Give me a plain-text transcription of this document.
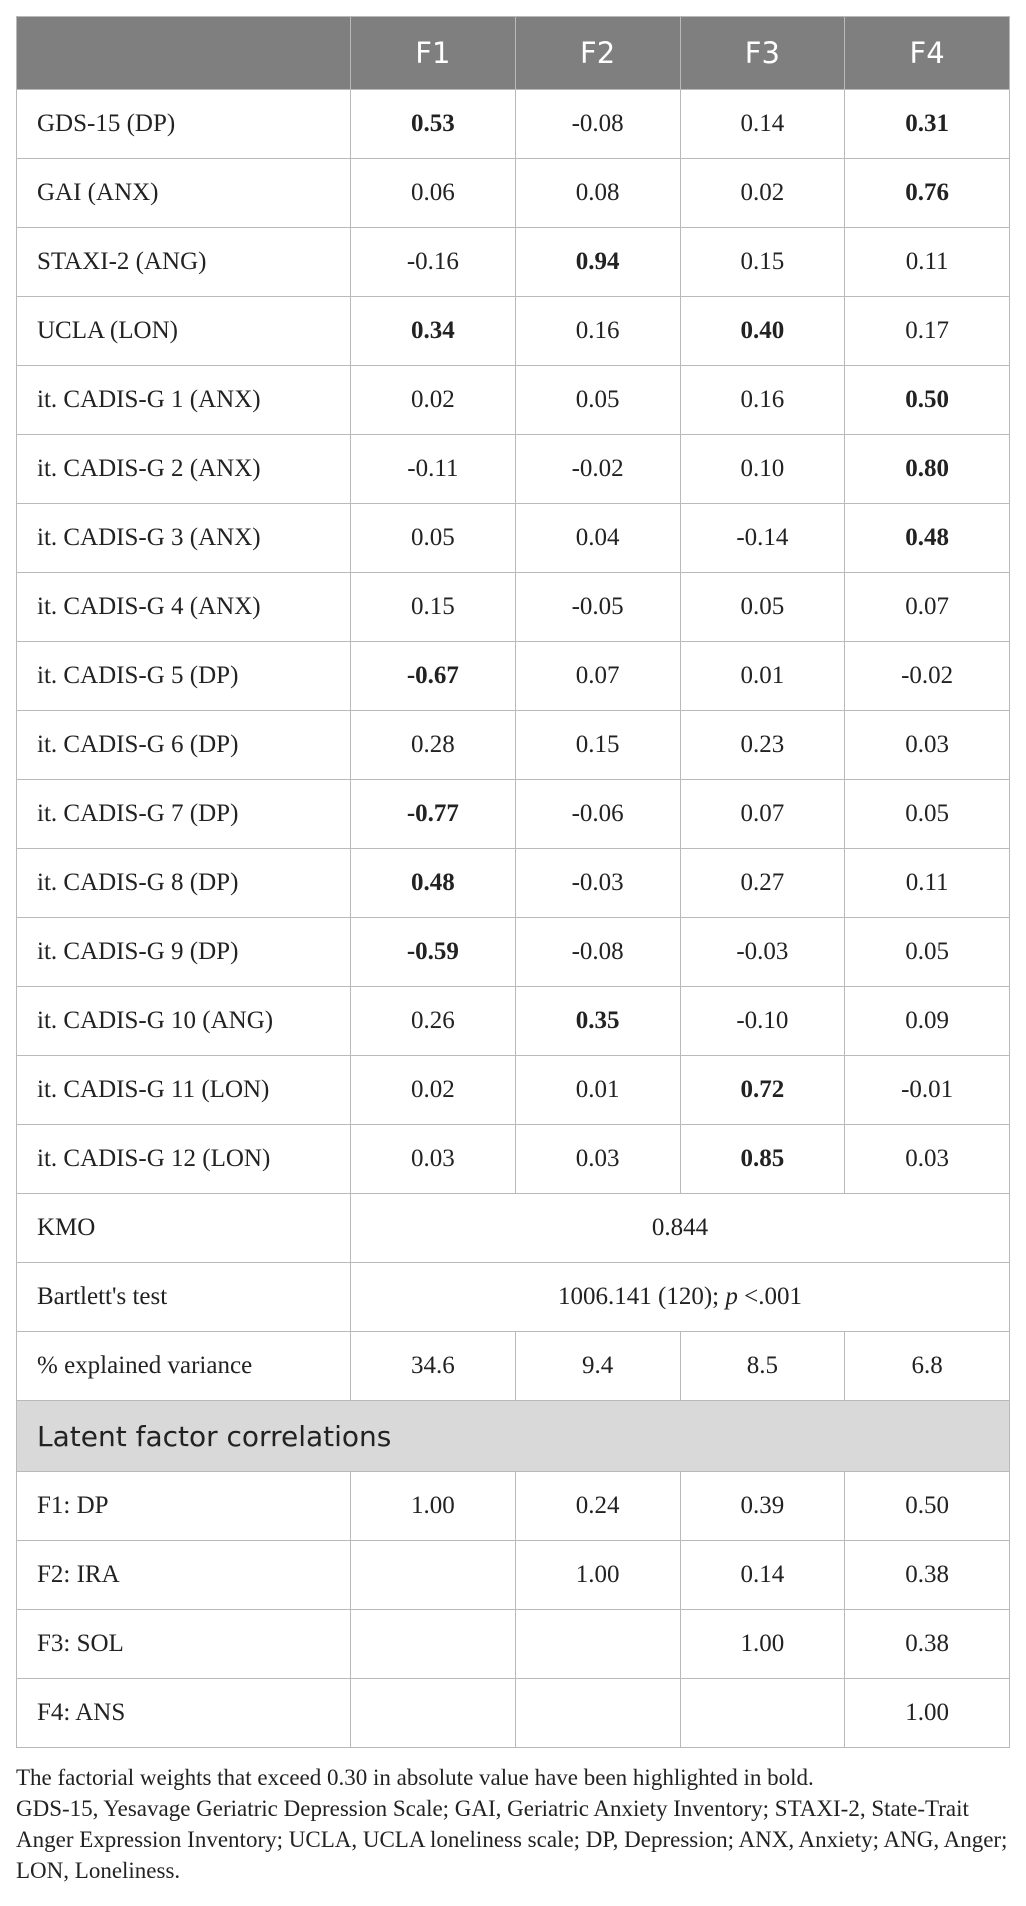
	F1	F2	F3	F4
GDS-15 (DP)	0.53	-0.08	0.14	0.31
GAI (ANX)	0.06	0.08	0.02	0.76
STAXI-2 (ANG)	-0.16	0.94	0.15	0.11
UCLA (LON)	0.34	0.16	0.40	0.17
it. CADIS-G 1 (ANX)	0.02	0.05	0.16	0.50
it. CADIS-G 2 (ANX)	-0.11	-0.02	0.10	0.80
it. CADIS-G 3 (ANX)	0.05	0.04	-0.14	0.48
it. CADIS-G 4 (ANX)	0.15	-0.05	0.05	0.07
it. CADIS-G 5 (DP)	-0.67	0.07	0.01	-0.02
it. CADIS-G 6 (DP)	0.28	0.15	0.23	0.03
it. CADIS-G 7 (DP)	-0.77	-0.06	0.07	0.05
it. CADIS-G 8 (DP)	0.48	-0.03	0.27	0.11
it. CADIS-G 9 (DP)	-0.59	-0.08	-0.03	0.05
it. CADIS-G 10 (ANG)	0.26	0.35	-0.10	0.09
it. CADIS-G 11 (LON)	0.02	0.01	0.72	-0.01
it. CADIS-G 12 (LON)	0.03	0.03	0.85	0.03
KMO	0.844			
Bartlett's test	1006.141 (120); p <.001			
% explained variance	34.6	9.4	8.5	6.8
Latent factor correlations				
F1: DP	1.00	0.24	0.39	0.50
F2: IRA		1.00	0.14	0.38
F3: SOL			1.00	0.38
F4: ANS				1.00

The factorial weights that exceed 0.30 in absolute value have been highlighted in bold.

GDS-15, Yesavage Geriatric Depression Scale; GAI, Geriatric Anxiety Inventory; STAXI-2, State-Trait Anger Expression Inventory; UCLA, UCLA loneliness scale; DP, Depression; ANX, Anxiety; ANG, Anger; LON, Loneliness.
